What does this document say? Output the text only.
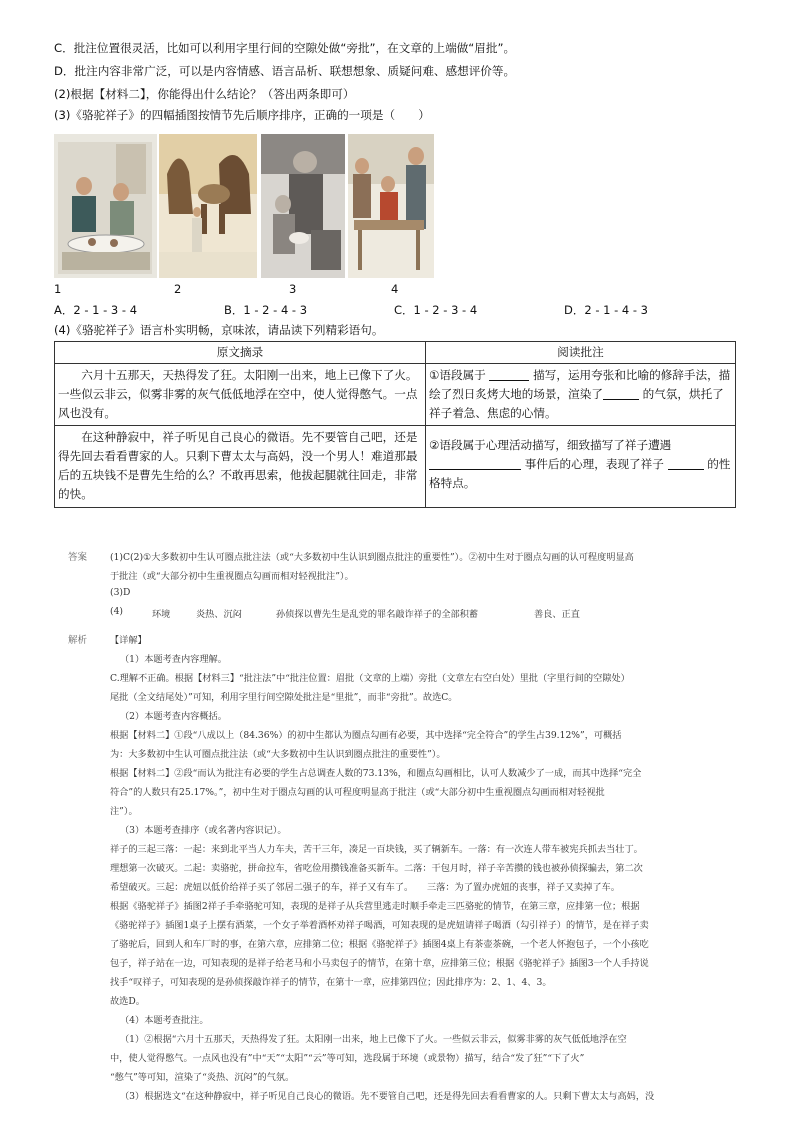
C．批注位置很灵活，比如可以利用字里行间的空隙处做“旁批”，在文章的上端做“眉批”。
D．批注内容非常广泛，可以是内容情感、语言品析、联想想象、质疑问难、感想评价等。
(2)根据【材料二】，你能得出什么结论？（答出两条即可）
(3)《骆驼祥子》的四幅插图按情节先后顺序排序，正确的一项是（　　）
1	2	3	4
A．2 - 1 - 3 - 4	B．1 - 2 - 4 - 3	C．1 - 2 - 3 - 4	D．2 - 1 - 4 - 3
(4)《骆驼祥子》语言朴实明畅，京味浓，请品读下列精彩语句。
原文摘录	阅读批注
六月十五那天，天热得发了狂。太阳刚一出来，地上已像下了火。一些似云非云，似雾非雾的灰气低低地浮在空中，使人觉得憋气。一点风也没有。	①语段属于 描写，运用夸张和比喻的修辞手法，描绘了烈日炙烤大地的场景，渲染了 的气氛，烘托了祥子着急、焦虑的心情。
在这种静寂中，祥子听见自己良心的微语。先不要管自己吧，还是得先回去看看曹家的人。只剩下曹太太与高妈，没一个男人！难道那最后的五块钱不是曹先生给的么？不敢再思索，他拔起腿就往回走，非常的快。	②语段属于心理活动描写，细致描写了祥子遭遇  事件后的心理，表现了祥子 的性格特点。
答案 (1)C(2)①大多数初中生认可圈点批注法（或“大多数初中生认识到圈点批注的重要性”）。②初中生对于圈点勾画的认可程度明显高
于批注（或“大部分初中生重视圈点勾画而相对轻视批注”）。
(3)D
(4)	环境	炎热、沉闷	孙侦探以曹先生是乱党的罪名敲诈祥子的全部积蓄	善良、正直
解析 【详解】
（1）本题考查内容理解。
C.理解不正确。根据【材料三】“批注法”中“批注位置：眉批（文章的上端）旁批（文章左右空白处）里批（字里行间的空隙处）
尾批（全文结尾处）”可知，利用字里行间空隙处批注是“里批”，而非“旁批”。故选C。
（2）本题考查内容概括。
根据【材料二】①段“八成以上（84.36%）的初中生都认为圈点勾画有必要，其中选择“完全符合”的学生占39.12%”，可概括
为：大多数初中生认可圈点批注法（或“大多数初中生认识到圈点批注的重要性”）。
根据【材料二】②段“而认为批注有必要的学生占总调查人数的73.13%，和圈点勾画相比，认可人数减少了一成，而其中选择“完全
符合”的人数只有25.17%。”，初中生对于圈点勾画的认可程度明显高于批注（或“大部分初中生重视圈点勾画而相对轻视批
注”）。
（3）本题考查排序（或名著内容识记）。
祥子的三起三落：一起：来到北平当人力车夫，苦干三年，凑足一百块钱，买了辆新车。一落：有一次连人带车被宪兵抓去当壮丁。
理想第一次破灭。二起：卖骆驼，拼命拉车，省吃俭用攒钱准备买新车。二落：干包月时，祥子辛苦攒的钱也被孙侦探骗去，第二次
希望破灭。三起：虎妞以低价给祥子买了邻居二强子的车，祥子又有车了。　　三落：为了置办虎妞的丧事，祥子又卖掉了车。
根据《骆驼祥子》插图2祥子手牵骆驼可知，表现的是祥子从兵营里逃走时顺手牵走三匹骆驼的情节，在第三章，应排第一位；根据
《骆驼祥子》插图1桌子上摆有酒菜，一个女子举着酒杯劝祥子喝酒，可知表现的是虎妞请祥子喝酒（勾引祥子）的情节，是在祥子卖
了骆驼后，回到人和车厂时的事，在第六章，应排第二位；根据《骆驼祥子》插图4桌上有茶壶茶碗，一个老人怀抱包子，一个小孩吃
包子，祥子站在一边，可知表现的是祥子给老马和小马卖包子的情节，在第十章，应排第三位；根据《骆驼祥子》插图3一个人手持说
找手“叹祥子，可知表现的是孙侦探敲诈祥子的情节，在第十一章，应排第四位；因此排序为：2、1、4、3。
故选D。
（4）本题考查批注。
（1）②根据“六月十五那天，天热得发了狂。太阳刚一出来，地上已像下了火。一些似云非云，似雾非雾的灰气低低地浮在空
中，使人觉得憋气。一点风也没有”中“天”“太阳”“云”等可知，选段属于环境（或景物）描写，结合“发了狂”“下了火”
“憋气”等可知，渲染了“炎热、沉闷”的气氛。
（3）根据选文“在这种静寂中，祥子听见自己良心的微语。先不要管自己吧，还是得先回去看看曹家的人。只剩下曹太太与高妈，没
